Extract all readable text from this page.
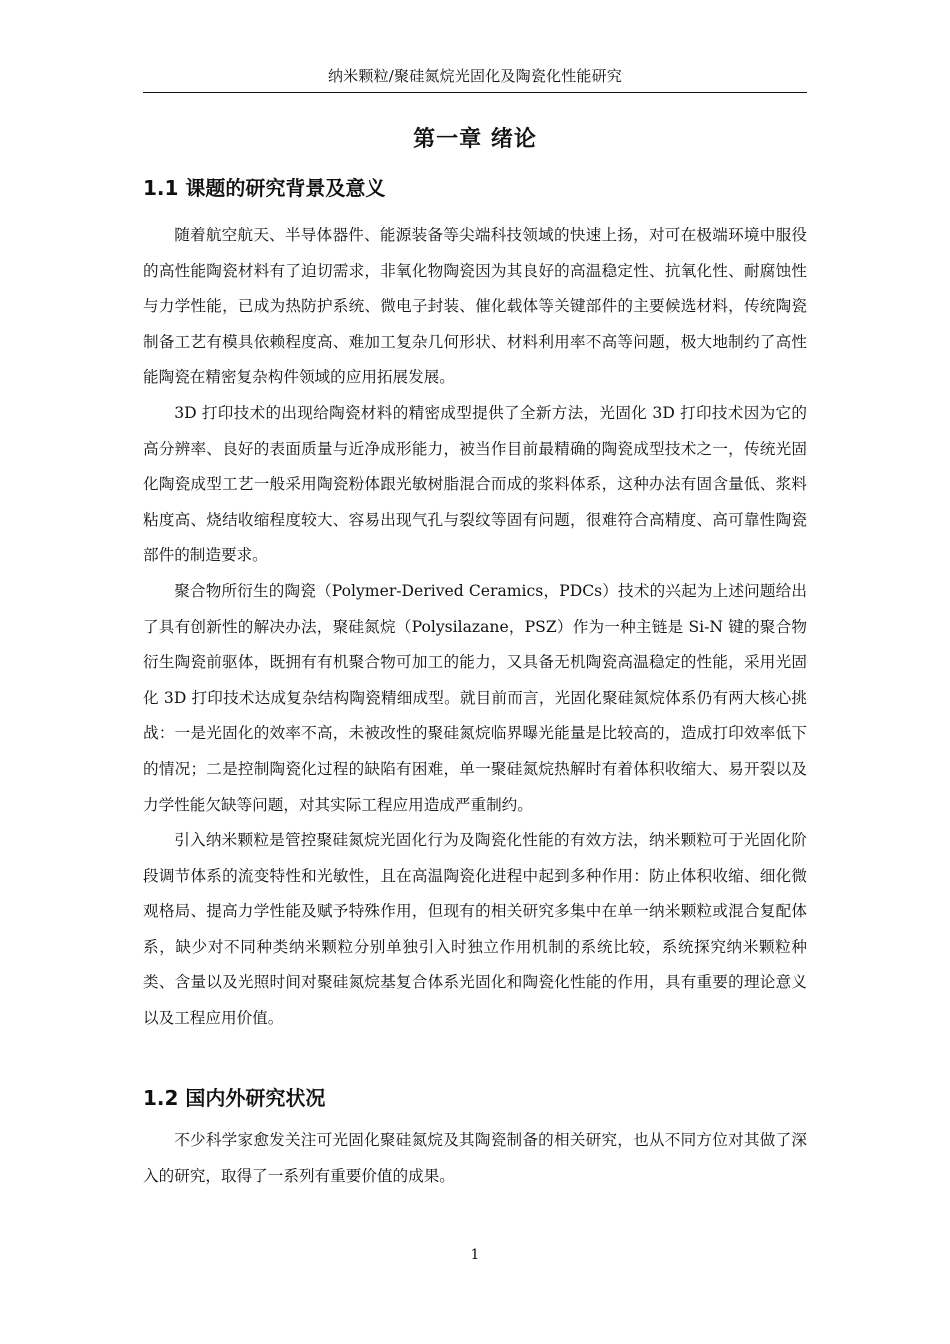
纳米颗粒/聚硅氮烷光固化及陶瓷化性能研究
第一章 绪论
1.1 课题的研究背景及意义

随着航空航天、半导体器件、能源装备等尖端科技领域的快速上扬，对可在极端环境中服役的高性能陶瓷材料有了迫切需求，非氧化物陶瓷因为其良好的高温稳定性、抗氧化性、耐腐蚀性与力学性能，已成为热防护系统、微电子封装、催化载体等关键部件的主要候选材料，传统陶瓷制备工艺有模具依赖程度高、难加工复杂几何形状、材料利用率不高等问题，极大地制约了高性能陶瓷在精密复杂构件领域的应用拓展发展。

3D 打印技术的出现给陶瓷材料的精密成型提供了全新方法，光固化 3D 打印技术因为它的高分辨率、良好的表面质量与近净成形能力，被当作目前最精确的陶瓷成型技术之一，传统光固化陶瓷成型工艺一般采用陶瓷粉体跟光敏树脂混合而成的浆料体系，这种办法有固含量低、浆料粘度高、烧结收缩程度较大、容易出现气孔与裂纹等固有问题，很难符合高精度、高可靠性陶瓷部件的制造要求。

聚合物所衍生的陶瓷（Polymer-Derived Ceramics，PDCs）技术的兴起为上述问题给出了具有创新性的解决办法，聚硅氮烷（Polysilazane，PSZ）作为一种主链是 Si-N 键的聚合物衍生陶瓷前驱体，既拥有有机聚合物可加工的能力，又具备无机陶瓷高温稳定的性能，采用光固化 3D 打印技术达成复杂结构陶瓷精细成型。就目前而言，光固化聚硅氮烷体系仍有两大核心挑战：一是光固化的效率不高，未被改性的聚硅氮烷临界曝光能量是比较高的，造成打印效率低下的情况；二是控制陶瓷化过程的缺陷有困难，单一聚硅氮烷热解时有着体积收缩大、易开裂以及力学性能欠缺等问题，对其实际工程应用造成严重制约。

引入纳米颗粒是管控聚硅氮烷光固化行为及陶瓷化性能的有效方法，纳米颗粒可于光固化阶段调节体系的流变特性和光敏性，且在高温陶瓷化进程中起到多种作用：防止体积收缩、细化微观格局、提高力学性能及赋予特殊作用，但现有的相关研究多集中在单一纳米颗粒或混合复配体系，缺少对不同种类纳米颗粒分别单独引入时独立作用机制的系统比较，系统探究纳米颗粒种类、含量以及光照时间对聚硅氮烷基复合体系光固化和陶瓷化性能的作用，具有重要的理论意义以及工程应用价值。

1.2 国内外研究状况

不少科学家愈发关注可光固化聚硅氮烷及其陶瓷制备的相关研究，也从不同方位对其做了深入的研究，取得了一系列有重要价值的成果。

1
